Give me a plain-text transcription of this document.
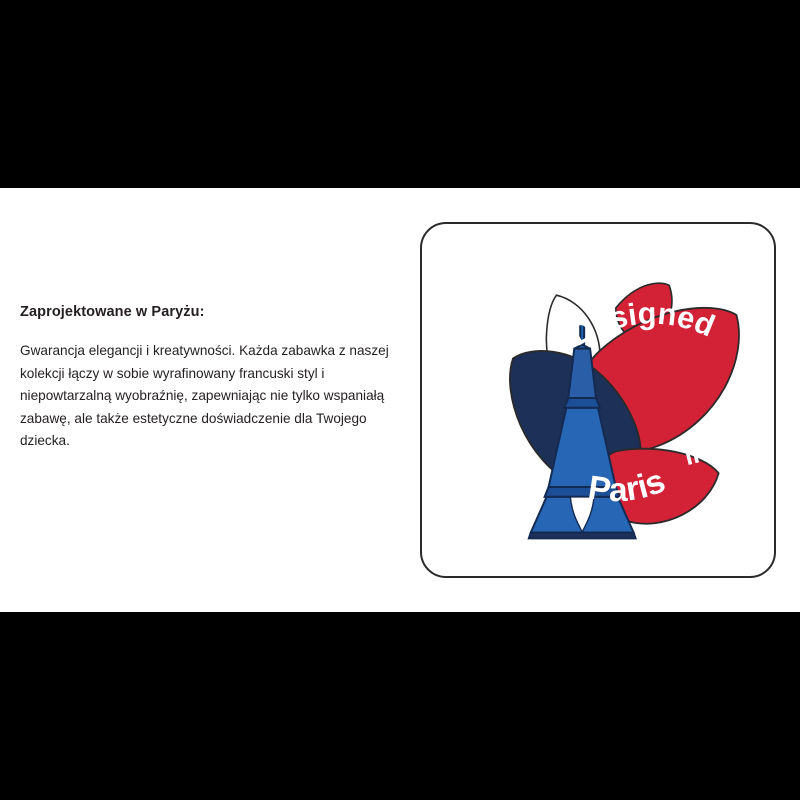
Zaprojektowane w Paryżu:

Gwarancja elegancji i kreatywności. Każda zabawka z naszej kolekcji łączy w sobie wyrafinowany francuski styl i niepowtarzalną wyobraźnię, zapewniając nie tylko wspaniałą zabawę, ale także estetyczne doświadczenie dla Twojego dziecka.

Designed
in
Paris
